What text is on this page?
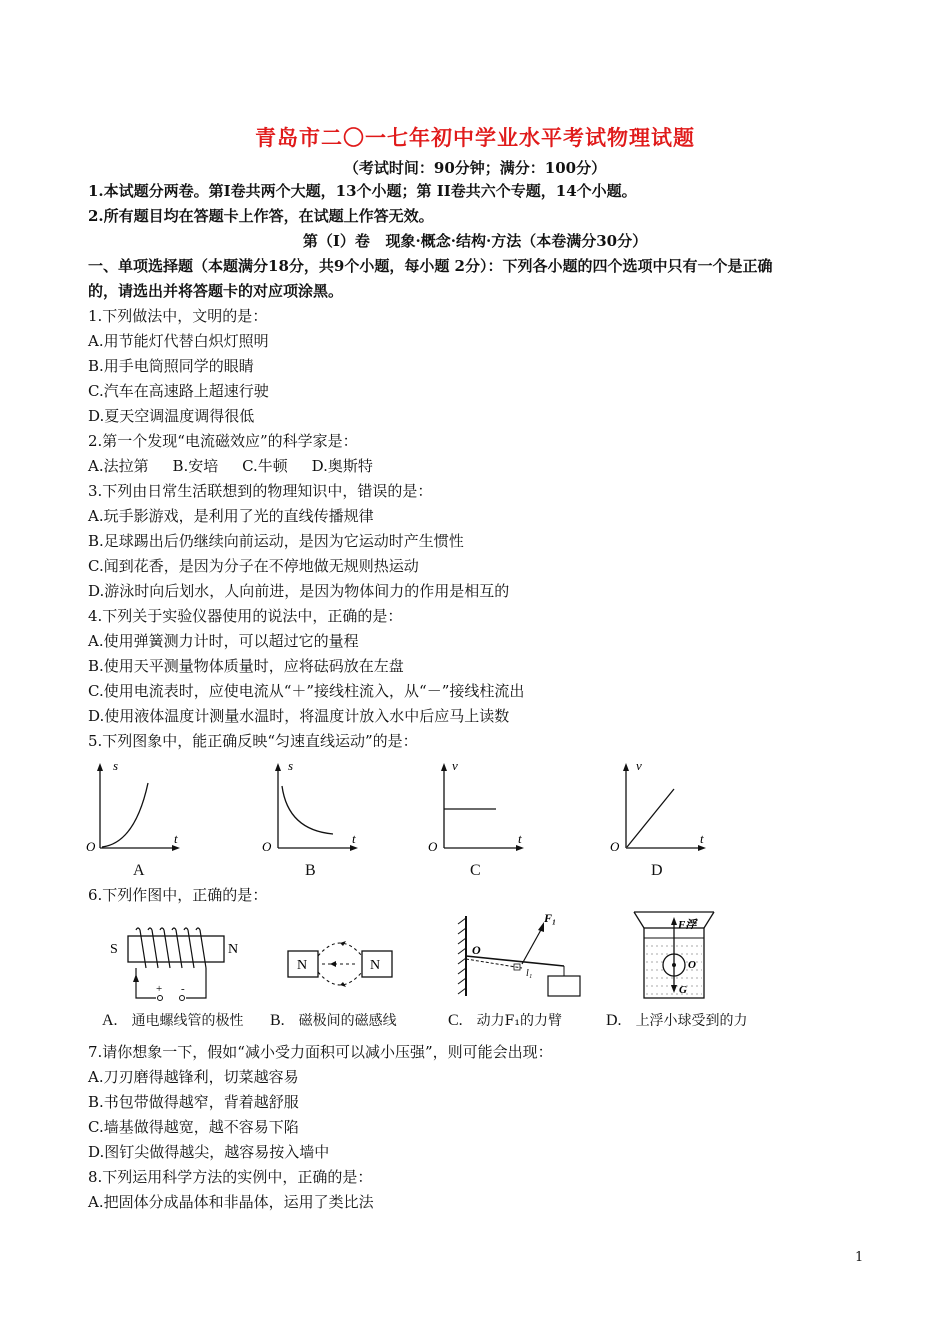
青岛市二〇一七年初中学业水平考试物理试题
（考试时间：90分钟；满分：100分）
1.本试题分两卷。第Ⅰ卷共两个大题，13个小题；第 II卷共六个专题，14个小题。
2.所有题目均在答题卡上作答，在试题上作答无效。
第（I）卷   现象·概念·结构·方法（本卷满分30分）
一、单项选择题（本题满分18分，共9个小题，每小题 2分）：下列各小题的四个选项中只有一个是正确
的，请选出并将答题卡的对应项涂黑。
1.下列做法中，文明的是：
A.用节能灯代替白炽灯照明
B.用手电筒照同学的眼睛
C.汽车在高速路上超速行驶
D.夏天空调温度调得很低
2.第一个发现“电流磁效应”的科学家是：
A.法拉第     B.安培     C.牛顿     D.奥斯特
3.下列由日常生活联想到的物理知识中，错误的是：
A.玩手影游戏，是利用了光的直线传播规律
B.足球踢出后仍继续向前运动，是因为它运动时产生惯性
C.闻到花香，是因为分子在不停地做无规则热运动
D.游泳时向后划水，人向前进，是因为物体间力的作用是相互的
4.下列关于实验仪器使用的说法中，正确的是：
A.使用弹簧测力计时，可以超过它的量程
B.使用天平测量物体质量时，应将砝码放在左盘
C.使用电流表时，应使电流从“＋”接线柱流入，从“－”接线柱流出
D.使用液体温度计测量水温时，将温度计放入水中后应马上读数
5.下列图象中，能正确反映“匀速直线运动”的是：
s
t
O
A
s
t
O
B
v
t
O
C
v
t
O
D
6.下列作图中，正确的是：
S	N
+ -
N	N
O
F₁
l₁
F浮
O
G
A. 通电螺线管的极性 B. 磁极间的磁感线	C. 动力F₁的力臂	D. 上浮小球受到的力
7.请你想象一下，假如“减小受力面积可以减小压强”，则可能会出现：
A.刀刃磨得越锋利，切菜越容易
B.书包带做得越窄，背着越舒服
C.墙基做得越宽，越不容易下陷
D.图钉尖做得越尖，越容易按入墙中
8.下列运用科学方法的实例中，正确的是：
A.把固体分成晶体和非晶体，运用了类比法
1
